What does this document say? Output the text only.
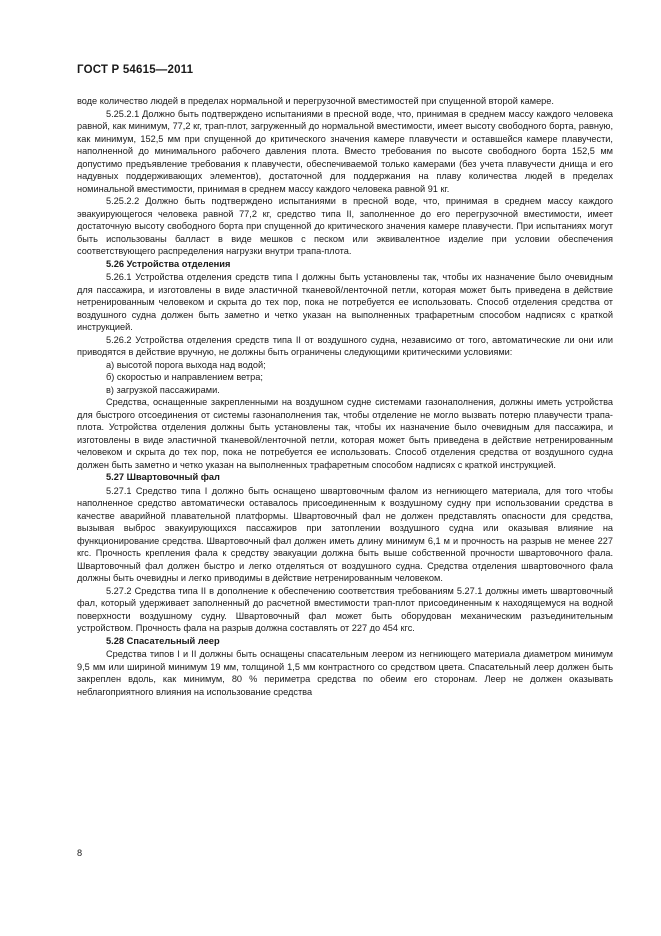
ГОСТ Р 54615—2011

воде количество людей в пределах нормальной и перегрузочной вместимостей при спущенной второй камере.

5.25.2.1 Должно быть подтверждено испытаниями в пресной воде, что, принимая в среднем массу каждого человека равной, как минимум, 77,2 кг, трап-плот, загруженный до нормальной вместимости, имеет высоту свободного борта, равную, как минимум, 152,5 мм при спущенной до критического значения камере плавучести и оставшейся камере плавучести, наполненной до минимального рабочего давления плота. Вместо требования по высоте свободного борта 152,5 мм допустимо предъявление требования к плавучести, обеспечиваемой только камерами (без учета плавучести днища и его надувных поддерживающих элементов), достаточной для поддержания на плаву количества людей в пределах номинальной вместимости, принимая в среднем массу каждого человека равной 91 кг.

5.25.2.2 Должно быть подтверждено испытаниями в пресной воде, что, принимая в среднем массу каждого эвакуирующегося человека равной 77,2 кг, средство типа II, заполненное до его перегрузочной вместимости, имеет достаточную высоту свободного борта при спущенной до критического значения камере плавучести. При испытаниях могут быть использованы балласт в виде мешков с песком или эквивалентное изделие при условии обеспечения соответствующего распределения нагрузки внутри трапа-плота.

5.26 Устройства отделения

5.26.1 Устройства отделения средств типа I должны быть установлены так, чтобы их назначение было очевидным для пассажира, и изготовлены в виде эластичной тканевой/ленточной петли, которая может быть приведена в действие нетренированным человеком и скрыта до тех пор, пока не потребуется ее использовать. Способ отделения средства от воздушного судна должен быть заметно и четко указан на выполненных трафаретным способом надписях с краткой инструкцией.

5.26.2 Устройства отделения средств типа II от воздушного судна, независимо от того, автоматические ли они или приводятся в действие вручную, не должны быть ограничены следующими критическими условиями:

а) высотой порога выхода над водой;

б) скоростью и направлением ветра;

в) загрузкой пассажирами.

Средства, оснащенные закрепленными на воздушном судне системами газонаполнения, должны иметь устройства для быстрого отсоединения от системы газонаполнения так, чтобы отделение не могло вызвать потерю плавучести трапа-плота. Устройства отделения должны быть установлены так, чтобы их назначение было очевидным для пассажира, и изготовлены в виде эластичной тканевой/ленточной петли, которая может быть приведена в действие нетренированным человеком и скрыта до тех пор, пока не потребуется ее использовать. Способ отделения средства от воздушного судна должен быть заметно и четко указан на выполненных трафаретным способом надписях с краткой инструкцией.

5.27 Швартовочный фал

5.27.1 Средство типа I должно быть оснащено швартовочным фалом из негниющего материала, для того чтобы наполненное средство автоматически оставалось присоединенным к воздушному судну при использовании средства в качестве аварийной плавательной платформы. Швартовочный фал не должен представлять опасности для средства, вызывая выброс эвакуирующихся пассажиров при затоплении воздушного судна или оказывая влияние на функционирование средства. Швартовочный фал должен иметь длину минимум 6,1 м и прочность на разрыв не менее 227 кгс. Прочность крепления фала к средству эвакуации должна быть выше собственной прочности швартовочного фала. Швартовочный фал должен быстро и легко отделяться от воздушного судна. Средства отделения швартовочного фала должны быть очевидны и легко приводимы в действие нетренированным человеком.

5.27.2 Средства типа II в дополнение к обеспечению соответствия требованиям 5.27.1 должны иметь швартовочный фал, который удерживает заполненный до расчетной вместимости трап-плот присоединенным к находящемуся на водной поверхности воздушному судну. Швартовочный фал может быть оборудован механическим разъединительным устройством. Прочность фала на разрыв должна составлять от 227 до 454 кгс.

5.28 Спасательный леер

Средства типов I и II должны быть оснащены спасательным леером из негниющего материала диаметром минимум 9,5 мм или шириной минимум 19 мм, толщиной 1,5 мм контрастного со средством цвета. Спасательный леер должен быть закреплен вдоль, как минимум, 80 % периметра средства по обеим его сторонам. Леер не должен оказывать неблагоприятного влияния на использование средства

8
